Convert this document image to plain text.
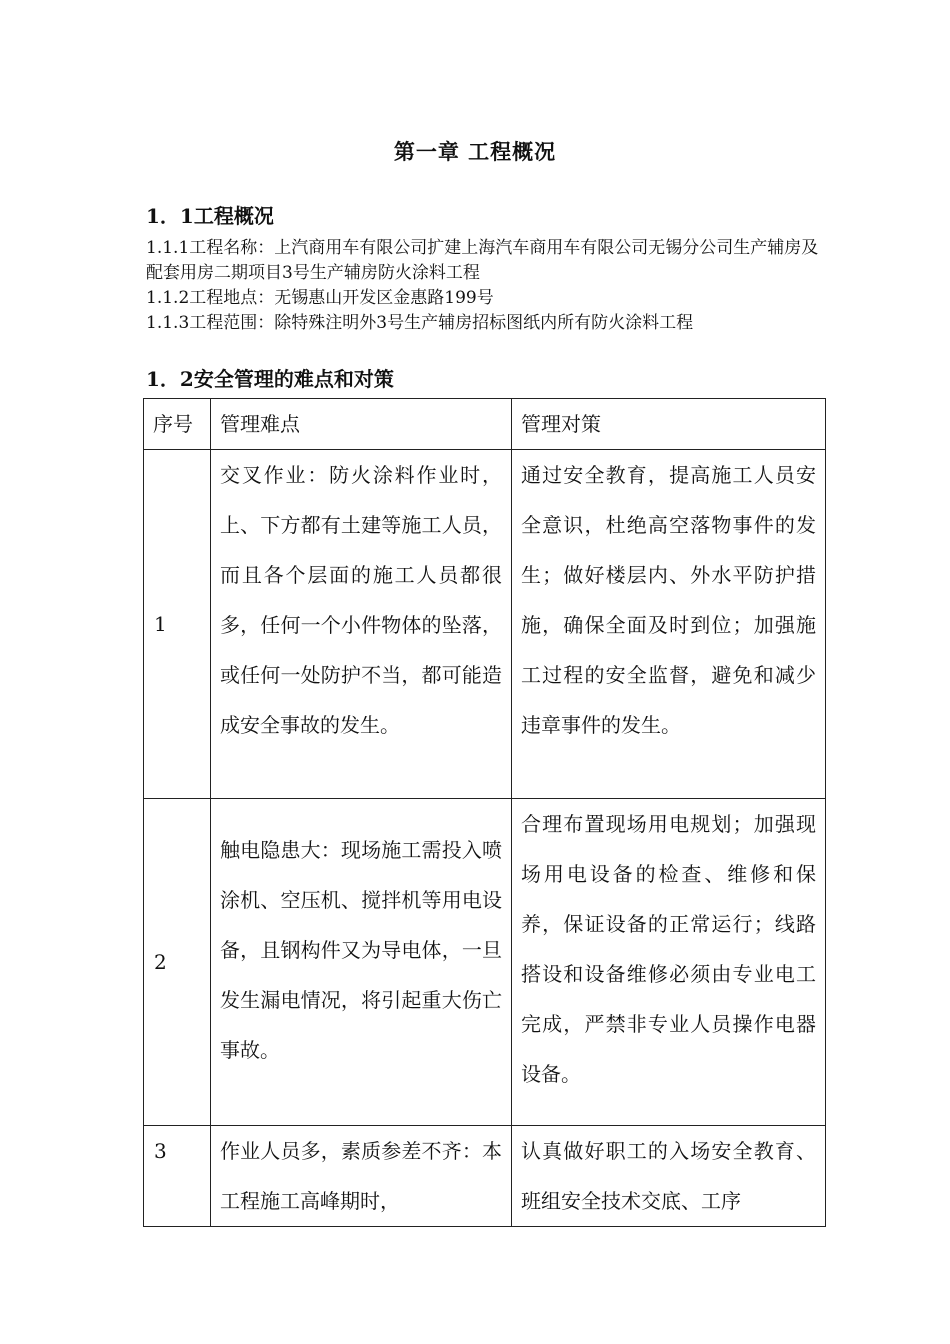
第一章 工程概况
1．1工程概况

1.1.1工程名称：上汽商用车有限公司扩建上海汽车商用车有限公司无锡分公司生产辅房及配套用房二期项目3号生产辅房防火涂料工程

1.1.2工程地点：无锡惠山开发区金惠路199号

1.1.3工程范围：除特殊注明外3号生产辅房招标图纸内所有防火涂料工程

1．2安全管理的难点和对策
序号	管理难点	管理对策
1	交叉作业：防火涂料作业时，上、下方都有土建等施工人员，而且各个层面的施工人员都很多，任何一个小件物体的坠落，或任何一处防护不当，都可能造成安全事故的发生。	通过安全教育，提高施工人员安全意识，杜绝高空落物事件的发生；做好楼层内、外水平防护措施，确保全面及时到位；加强施工过程的安全监督，避免和减少违章事件的发生。
2	触电隐患大：现场施工需投入喷涂机、空压机、搅拌机等用电设备，且钢构件又为导电体，一旦发生漏电情况，将引起重大伤亡事故。	合理布置现场用电规划；加强现场用电设备的检查、维修和保养，保证设备的正常运行；线路搭设和设备维修必须由专业电工完成，严禁非专业人员操作电器设备。
3	作业人员多，素质参差不齐：本工程施工高峰期时，	认真做好职工的入场安全教育、班组安全技术交底、工序
